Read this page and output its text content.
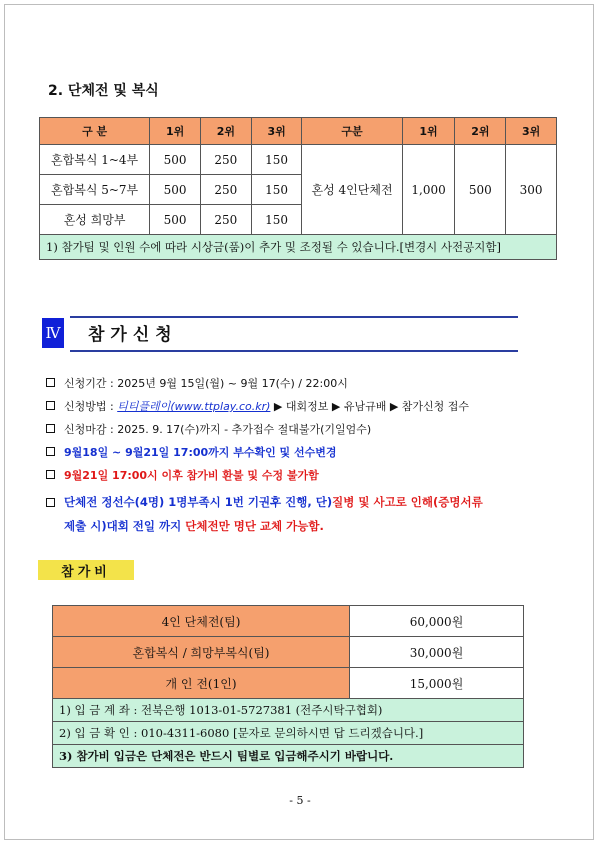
2. 단체전 및 복식
구 분	1위	2위	3위	구분	1위	2위	3위
혼합복식 1~4부	500	250	150	혼성 4인단체전	1,000	500	300
혼합복식 5~7부	500	250	150				
혼성 희망부	500	250	150				
1) 참가팀 및 인원 수에 따라 시상금(품)이 추가 및 조정될 수 있습니다.[변경시 사전공지함]							
Ⅳ 참가신청
신청기간 : 2025년 9월 15일(월) ~ 9월 17(수) / 22:00시
신청방법 : 티티플레이(www.ttplay.co.kr) ▶ 대회정보 ▶ 유남규배 ▶ 참가신청 접수
신청마감 : 2025. 9. 17(수)까지 - 추가접수 절대불가(기일엄수)
9월18일 ~ 9월21일 17:00까지 부수확인 및 선수변경
9월21일 17:00시 이후 참가비 환불 및 수정 불가함
단체전 정선수(4명) 1명부족시 1번 기권후 진행, 단)질병 및 사고로 인해(증명서류
제출 시)대회 전일 까지 단체전만 명단 교체 가능함.
참가비
4인 단체전(팀)	60,000원
혼합복식 / 희망부복식(팀)	30,000원
개 인 전(1인)	15,000원
1) 입 금 계 좌 : 전북은행 1013-01-5727381 (전주시탁구협회)	
2) 입 금 확 인 : 010-4311-6080 [문자로 문의하시면 답 드리겠습니다.]	
3) 참가비 입금은 단체전은 반드시 팀별로 입금해주시기 바랍니다.	
- 5 -
